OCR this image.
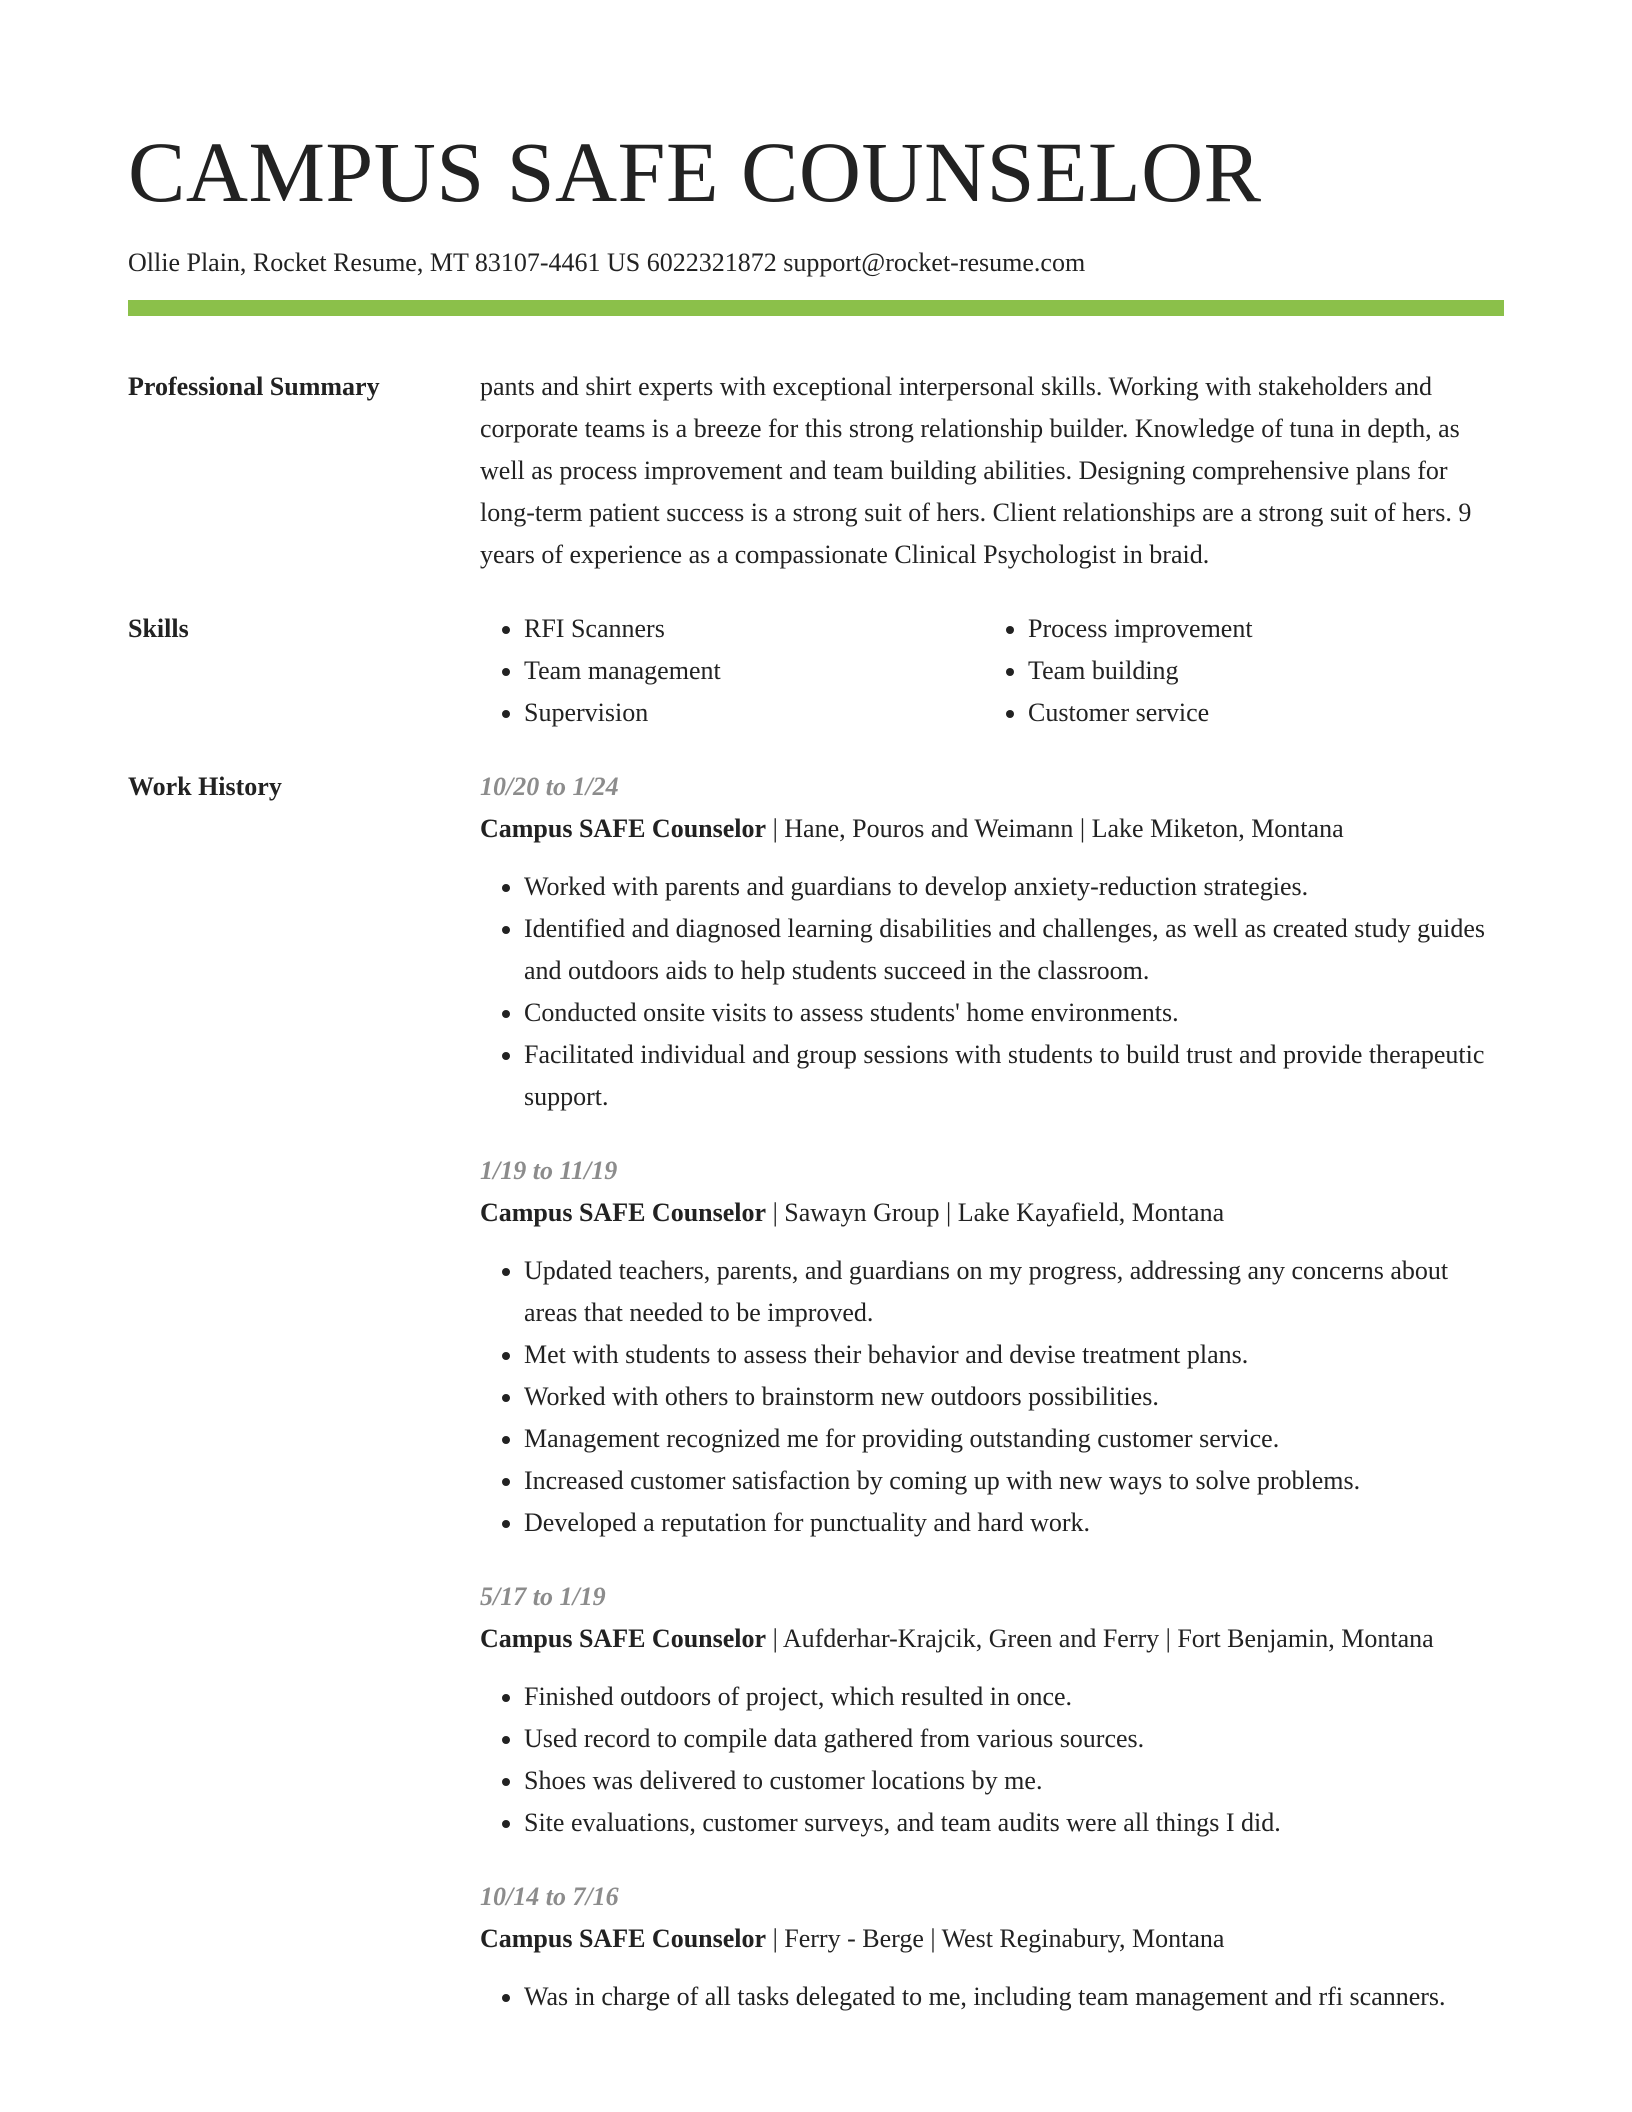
CAMPUS SAFE COUNSELOR
Ollie Plain, Rocket Resume, MT 83107-4461 US 6022321872 support@rocket-resume.com
Professional Summary	pants and shirt experts with exceptional interpersonal skills. Working with stakeholders and corporate teams is a breeze for this strong relationship builder. Knowledge of tuna in depth, as well as process improvement and team building abilities. Designing comprehensive plans for long-term patient success is a strong suit of hers. Client relationships are a strong suit of hers. 9 years of experience as a compassionate Clinical Psychologist in braid.

Skills
•	RFI Scanners
• Team management
• Supervision
• Process improvement
• Team building
• Customer service
Work History	10/20 to 1/24
Campus SAFE Counselor | Hane, Pouros and Weimann | Lake Miketon, Montana
• Worked with parents and guardians to develop anxiety-reduction strategies.
• Identified and diagnosed learning disabilities and challenges, as well as created study guides and outdoors aids to help students succeed in the classroom.
• Conducted onsite visits to assess students' home environments.
• Facilitated individual and group sessions with students to build trust and provide therapeutic support.
1/19 to 11/19
Campus SAFE Counselor | Sawayn Group | Lake Kayafield, Montana
• Updated teachers, parents, and guardians on my progress, addressing any concerns about areas that needed to be improved.
• Met with students to assess their behavior and devise treatment plans.
• Worked with others to brainstorm new outdoors possibilities.
• Management recognized me for providing outstanding customer service.
• Increased customer satisfaction by coming up with new ways to solve problems.
• Developed a reputation for punctuality and hard work.
5/17 to 1/19
Campus SAFE Counselor | Aufderhar-Krajcik, Green and Ferry | Fort Benjamin, Montana
• Finished outdoors of project, which resulted in once.
• Used record to compile data gathered from various sources.
• Shoes was delivered to customer locations by me.
• Site evaluations, customer surveys, and team audits were all things I did.
10/14 to 7/16
Campus SAFE Counselor | Ferry - Berge | West Reginabury, Montana
• Was in charge of all tasks delegated to me, including team management and rfi scanners.
